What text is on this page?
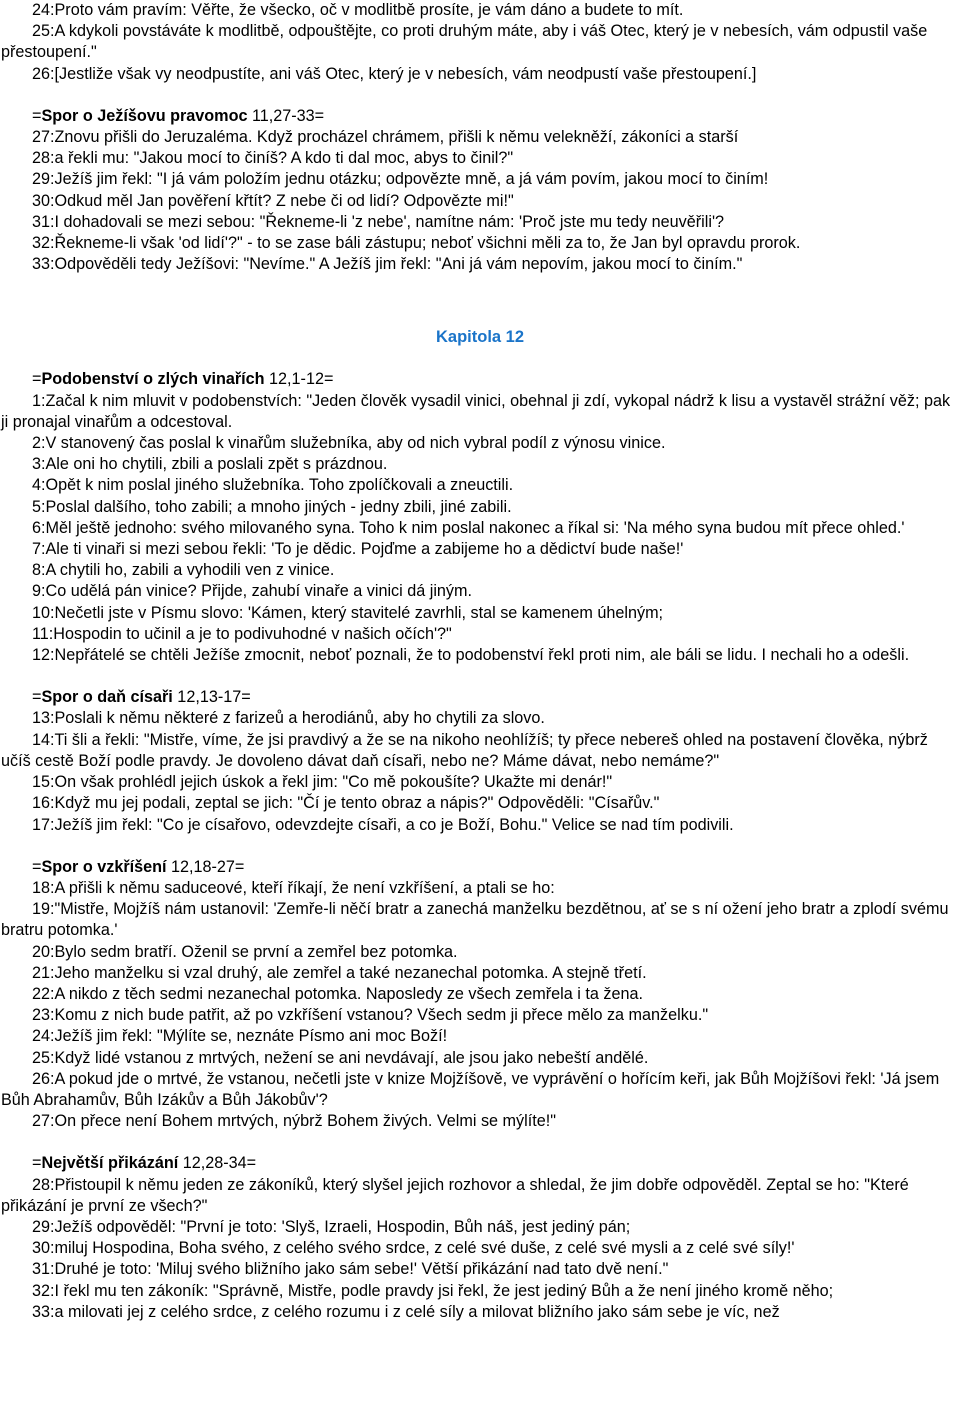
24:Proto vám pravím: Věřte, že všecko, oč v modlitbě prosíte, je vám dáno a budete to mít.

25:A kdykoli povstáváte k modlitbě, odpouštějte, co proti druhým máte, aby i váš Otec, který je v nebesích, vám odpustil vaše přestoupení."

26:[Jestliže však vy neodpustíte, ani váš Otec, který je v nebesích, vám neodpustí vaše přestoupení.]

=Spor o Ježíšovu pravomoc 11,27-33=

27:Znovu přišli do Jeruzaléma. Když procházel chrámem, přišli k němu velekněží, zákoníci a starší

28:a řekli mu: "Jakou mocí to činíš? A kdo ti dal moc, abys to činil?"

29:Ježíš jim řekl: "I já vám položím jednu otázku; odpovězte mně, a já vám povím, jakou mocí to činím!

30:Odkud měl Jan pověření křtít? Z nebe či od lidí? Odpovězte mi!"

31:I dohadovali se mezi sebou: "Řekneme-li 'z nebe', namítne nám: 'Proč jste mu tedy neuvěřili'?

32:Řekneme-li však 'od lidí'?" - to se zase báli zástupu; neboť všichni měli za to, že Jan byl opravdu prorok.

33:Odpověděli tedy Ježíšovi: "Nevíme." A Ježíš jim řekl: "Ani já vám nepovím, jakou mocí to činím."

Kapitola 12

=Podobenství o zlých vinařích 12,1-12=

1:Začal k nim mluvit v podobenstvích: "Jeden člověk vysadil vinici, obehnal ji zdí, vykopal nádrž k lisu a vystavěl strážní věž; pak ji pronajal vinařům a odcestoval.

2:V stanovený čas poslal k vinařům služebníka, aby od nich vybral podíl z výnosu vinice.

3:Ale oni ho chytili, zbili a poslali zpět s prázdnou.

4:Opět k nim poslal jiného služebníka. Toho zpolíčkovali a zneuctili.

5:Poslal dalšího, toho zabili; a mnoho jiných - jedny zbili, jiné zabili.

6:Měl ještě jednoho: svého milovaného syna. Toho k nim poslal nakonec a říkal si: 'Na mého syna budou mít přece ohled.'

7:Ale ti vinaři si mezi sebou řekli: 'To je dědic. Pojďme a zabijeme ho a dědictví bude naše!'

8:A chytili ho, zabili a vyhodili ven z vinice.

9:Co udělá pán vinice? Přijde, zahubí vinaře a vinici dá jiným.

10:Nečetli jste v Písmu slovo: 'Kámen, který stavitelé zavrhli, stal se kamenem úhelným;

11:Hospodin to učinil a je to podivuhodné v našich očích'?"

12:Nepřátelé se chtěli Ježíše zmocnit, neboť poznali, že to podobenství řekl proti nim, ale báli se lidu. I nechali ho a odešli.

=Spor o daň císaři 12,13-17=

13:Poslali k němu některé z farizeů a herodiánů, aby ho chytili za slovo.

14:Ti šli a řekli: "Mistře, víme, že jsi pravdivý a že se na nikoho neohlížíš; ty přece nebereš ohled na postavení člověka, nýbrž učíš cestě Boží podle pravdy. Je dovoleno dávat daň císaři, nebo ne? Máme dávat, nebo nemáme?"

15:On však prohlédl jejich úskok a řekl jim: "Co mě pokoušíte? Ukažte mi denár!"

16:Když mu jej podali, zeptal se jich: "Čí je tento obraz a nápis?" Odpověděli: "Císařův."

17:Ježíš jim řekl: "Co je císařovo, odevzdejte císaři, a co je Boží, Bohu." Velice se nad tím podivili.

=Spor o vzkříšení 12,18-27=

18:A přišli k němu saduceové, kteří říkají, že není vzkříšení, a ptali se ho:

19:"Mistře, Mojžíš nám ustanovil: 'Zemře-li něčí bratr a zanechá manželku bezdětnou, ať se s ní ožení jeho bratr a zplodí svému bratru potomka.'

20:Bylo sedm bratří. Oženil se první a zemřel bez potomka.

21:Jeho manželku si vzal druhý, ale zemřel a také nezanechal potomka. A stejně třetí.

22:A nikdo z těch sedmi nezanechal potomka. Naposledy ze všech zemřela i ta žena.

23:Komu z nich bude patřit, až po vzkříšení vstanou? Všech sedm ji přece mělo za manželku."

24:Ježíš jim řekl: "Mýlíte se, neznáte Písmo ani moc Boží!

25:Když lidé vstanou z mrtvých, nežení se ani nevdávají, ale jsou jako nebeští andělé.

26:A pokud jde o mrtvé, že vstanou, nečetli jste v knize Mojžíšově, ve vyprávění o hořícím keři, jak Bůh Mojžíšovi řekl: 'Já jsem Bůh Abrahamův, Bůh Izákův a Bůh Jákobův'?

27:On přece není Bohem mrtvých, nýbrž Bohem živých. Velmi se mýlíte!"

=Největší přikázání 12,28-34=

28:Přistoupil k němu jeden ze zákoníků, který slyšel jejich rozhovor a shledal, že jim dobře odpověděl. Zeptal se ho: "Které přikázání je první ze všech?"

29:Ježíš odpověděl: "První je toto: 'Slyš, Izraeli, Hospodin, Bůh náš, jest jediný pán;

30:miluj Hospodina, Boha svého, z celého svého srdce, z celé své duše, z celé své mysli a z celé své síly!'

31:Druhé je toto: 'Miluj svého bližního jako sám sebe!' Větší přikázání nad tato dvě není."

32:I řekl mu ten zákoník: "Správně, Mistře, podle pravdy jsi řekl, že jest jediný Bůh a že není jiného kromě něho;

33:a milovati jej z celého srdce, z celého rozumu i z celé síly a milovat bližního jako sám sebe je víc, než
